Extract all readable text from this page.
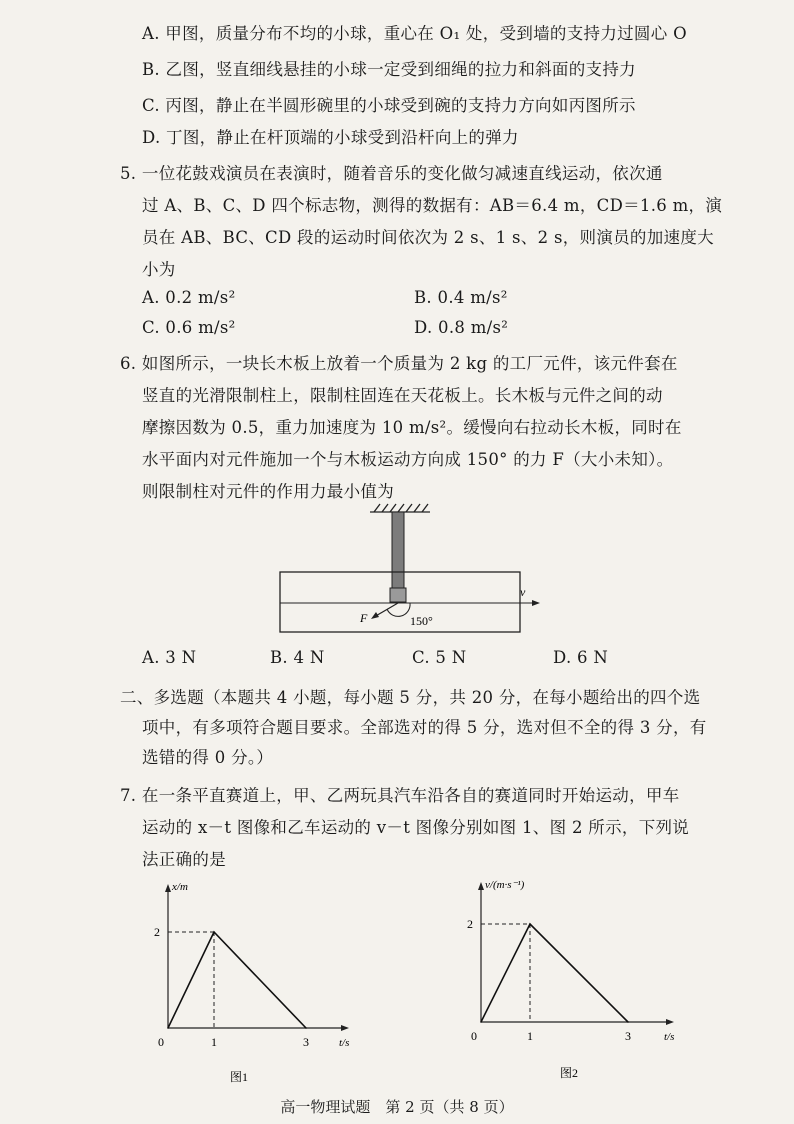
A. 甲图，质量分布不均的小球，重心在 O₁ 处，受到墙的支持力过圆心 O
B. 乙图，竖直细线悬挂的小球一定受到细绳的拉力和斜面的支持力
C. 丙图，静止在半圆形碗里的小球受到碗的支持力方向如丙图所示
D. 丁图，静止在杆顶端的小球受到沿杆向上的弹力
5. 一位花鼓戏演员在表演时，随着音乐的变化做匀减速直线运动，依次通
过 A、B、C、D 四个标志物，测得的数据有：AB＝6.4 m，CD＝1.6 m，演
员在 AB、BC、CD 段的运动时间依次为 2 s、1 s、2 s，则演员的加速度大
小为
A. 0.2 m/s²	B. 0.4 m/s²
C. 0.6 m/s²	D. 0.8 m/s²
6. 如图所示，一块长木板上放着一个质量为 2 kg 的工厂元件，该元件套在
竖直的光滑限制柱上，限制柱固连在天花板上。长木板与元件之间的动
摩擦因数为 0.5，重力加速度为 10 m/s²。缓慢向右拉动长木板，同时在
水平面内对元件施加一个与木板运动方向成 150° 的力 F（大小未知）。
则限制柱对元件的作用力最小值为
v
F	150°
A. 3 N	B. 4 N	C. 5 N	D. 6 N
二、多选题（本题共 4 小题，每小题 5 分，共 20 分，在每小题给出的四个选
项中，有多项符合题目要求。全部选对的得 5 分，选对但不全的得 3 分，有
选错的得 0 分。）
7. 在一条平直赛道上，甲、乙两玩具汽车沿各自的赛道同时开始运动，甲车
运动的 x－t 图像和乙车运动的 v－t 图像分别如图 1、图 2 所示，下列说
法正确的是
x/m
t/s
0	1	3
2
图1
v/(m·s⁻¹)
t/s
0	1	3
2
图2
高一物理试题　第 2 页（共 8 页）
